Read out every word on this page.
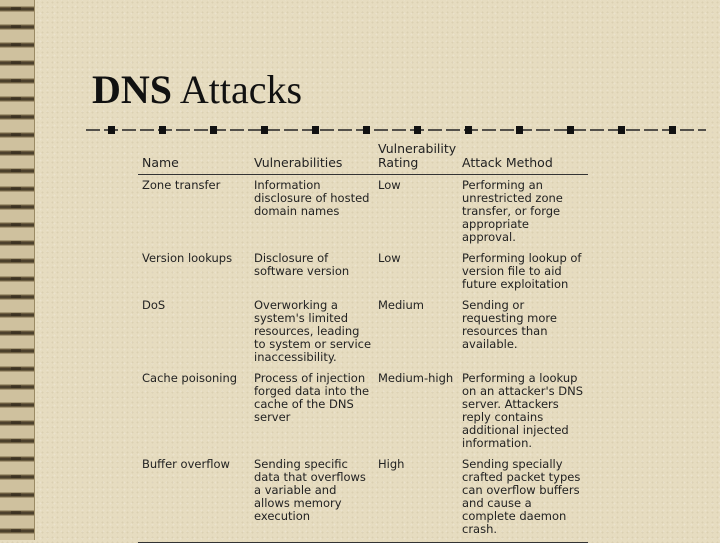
DNS Attacks
Name	Vulnerabilities	Vulnerability Rating	Attack Method
Zone transfer	Information disclosure of hosted domain names	Low	Performing an unrestricted zone transfer, or forge appropriate approval.
Version lookups	Disclosure of software version	Low	Performing lookup of version file to aid future exploitation
DoS	Overworking a system's limited resources, leading to system or service inaccessibility.	Medium	Sending or requesting more resources than available.
Cache poisoning	Process of injection forged data into the cache of the DNS server	Medium-high	Performing a lookup on an attacker's DNS server. Attackers reply contains additional injected information.
Buffer overflow	Sending specific data that overflows a variable and allows memory execution	High	Sending specially crafted packet types can overflow buffers and cause a complete daemon crash.
